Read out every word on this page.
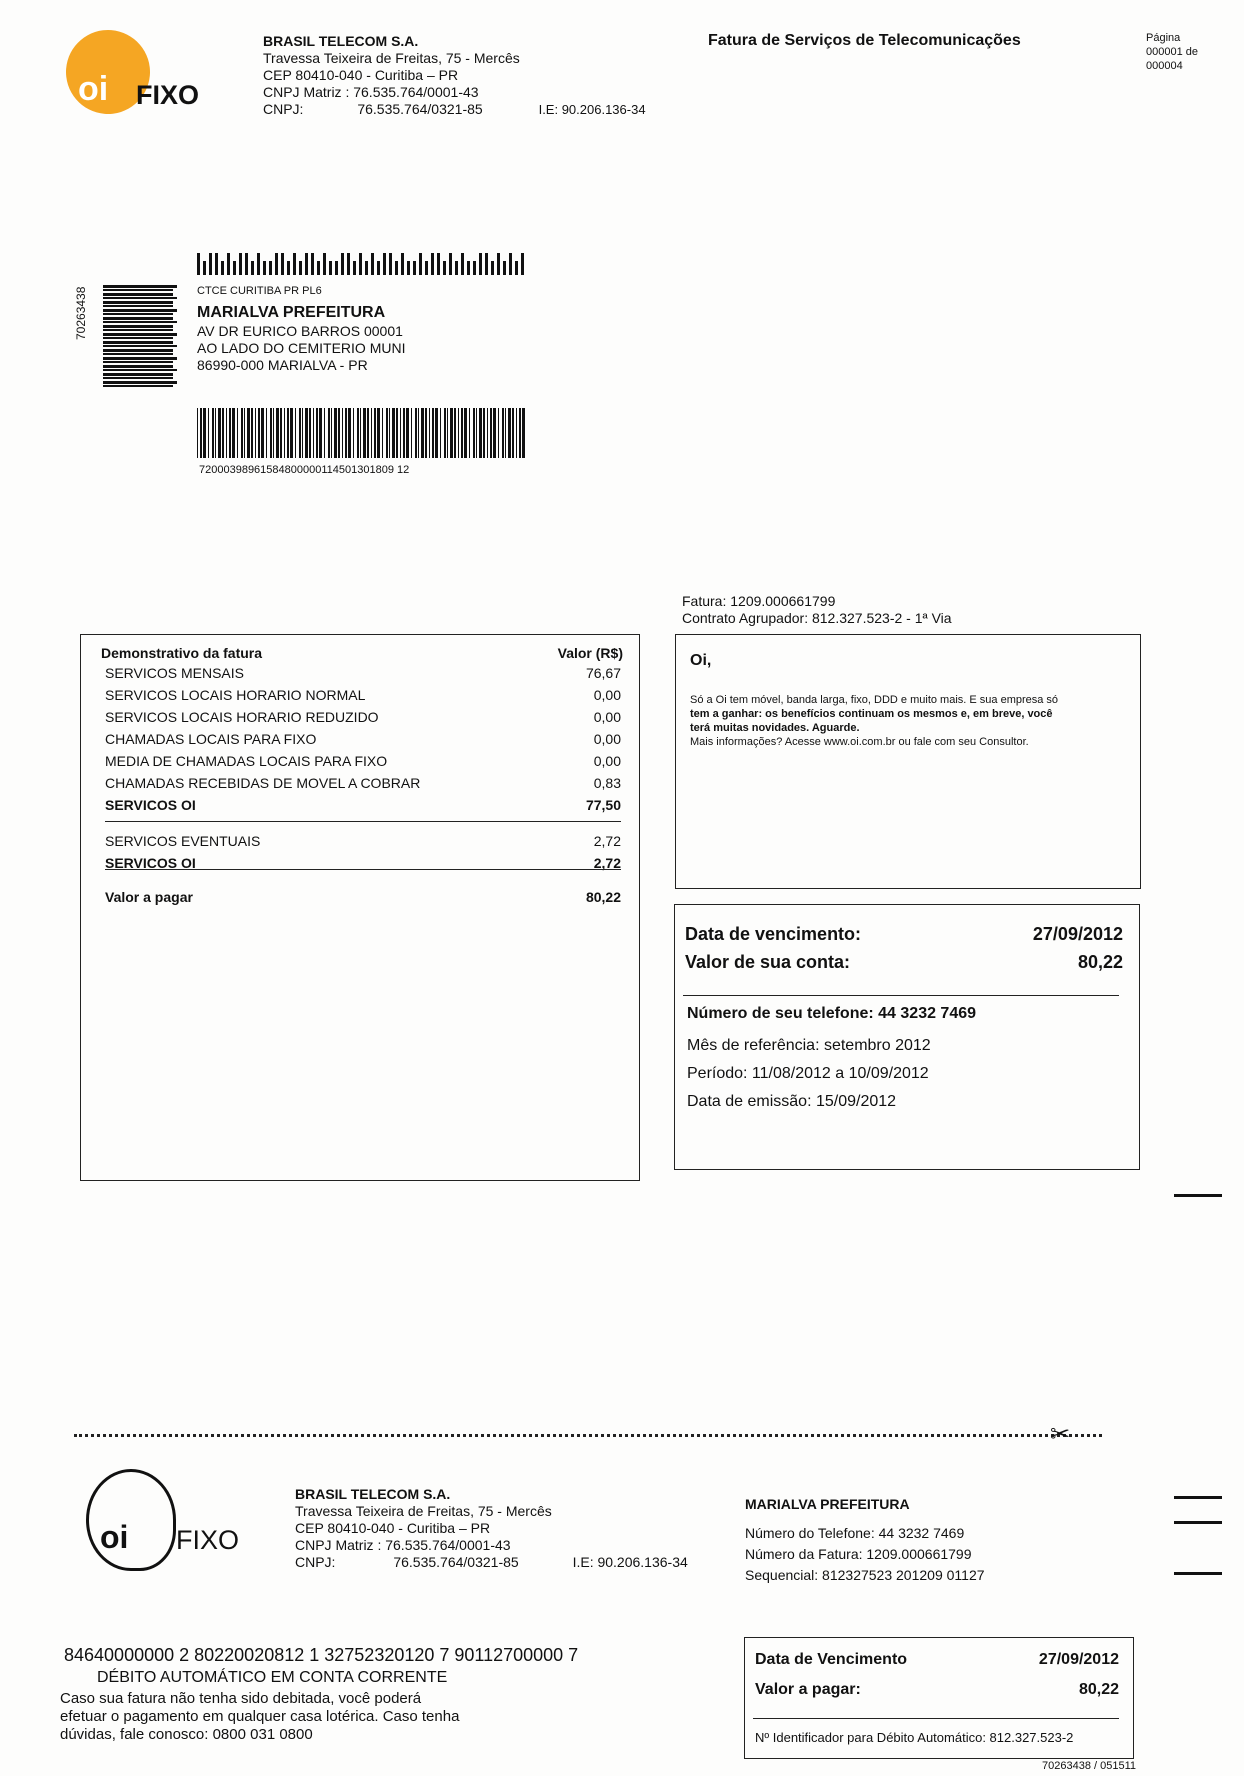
oi FIXO
BRASIL TELECOM S.A.
Travessa Teixeira de Freitas, 75 - Mercês
CEP 80410-040 - Curitiba – PR
CNPJ Matriz : 76.535.764/0001-43
CNPJ:	76.535.764/0321-85	I.E: 90.206.136-34
Fatura de Serviços de Telecomunicações	Página
000001 de
000004
70263438	CTCE CURITIBA PR PL6
MARIALVA PREFEITURA
AV DR EURICO BARROS 00001
AO LADO DO CEMITERIO MUNI
86990-000 MARIALVA - PR
72000398961584800000114501301809 12
Fatura: 1209.000661799
Contrato Agrupador: 812.327.523-2 - 1ª Via
Demonstrativo da fatura	Valor (R$)
SERVICOS MENSAIS	76,67
SERVICOS LOCAIS HORARIO NORMAL	0,00
SERVICOS LOCAIS HORARIO REDUZIDO	0,00
CHAMADAS LOCAIS PARA FIXO	0,00
MEDIA DE CHAMADAS LOCAIS PARA FIXO	0,00
CHAMADAS RECEBIDAS DE MOVEL A COBRAR	0,83
SERVICOS OI	77,50
SERVICOS EVENTUAIS	2,72
SERVICOS OI	2,72
Valor a pagar	80,22
Oi,
Só a Oi tem móvel, banda larga, fixo, DDD e muito mais. E sua empresa só
tem a ganhar: os benefícios continuam os mesmos e, em breve, você
terá muitas novidades. Aguarde.
Mais informações? Acesse www.oi.com.br ou fale com seu Consultor.
Data de vencimento:	27/09/2012
Valor de sua conta:	80,22
Número de seu telefone: 44 3232 7469
Mês de referência: setembro 2012
Período: 11/08/2012 a 10/09/2012
Data de emissão: 15/09/2012
✂
oi FIXO
BRASIL TELECOM S.A.
Travessa Teixeira de Freitas, 75 - Mercês
CEP 80410-040 - Curitiba – PR
CNPJ Matriz : 76.535.764/0001-43
CNPJ:	76.535.764/0321-85	I.E: 90.206.136-34
MARIALVA PREFEITURA
Número do Telefone: 44 3232 7469
Número da Fatura: 1209.000661799
Sequencial: 812327523 201209 01127
84640000000 2 80220020812 1 32752320120 7 90112700000 7
DÉBITO AUTOMÁTICO EM CONTA CORRENTE
Caso sua fatura não tenha sido debitada, você poderá
efetuar o pagamento em qualquer casa lotérica. Caso tenha
dúvidas, fale conosco: 0800 031 0800
Data de Vencimento	27/09/2012
Valor a pagar:	80,22
Nº Identificador para Débito Automático: 812.327.523-2
70263438 / 051511
